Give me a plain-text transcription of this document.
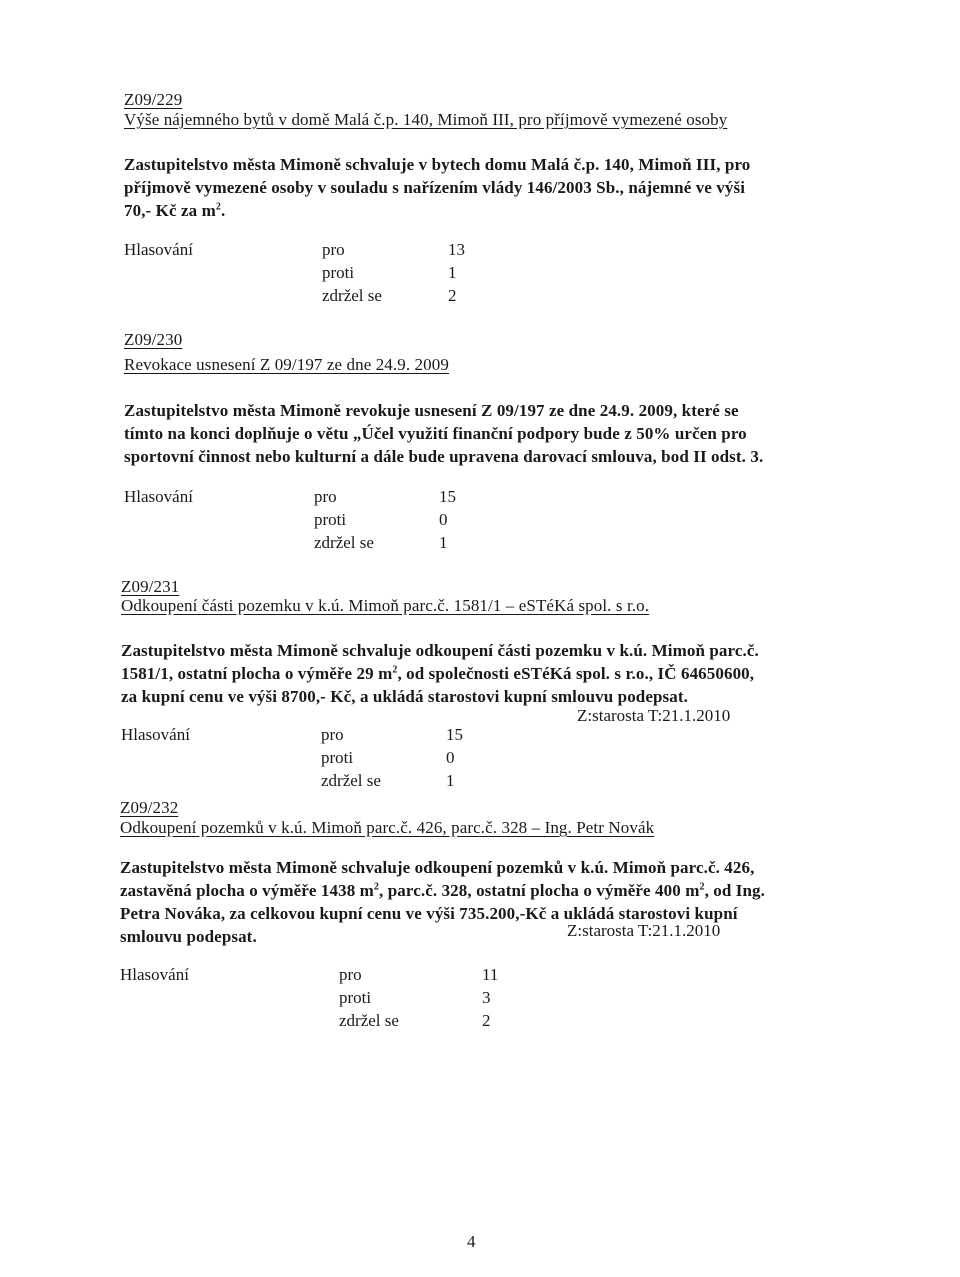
Z09/229
Výše nájemného bytů v domě Malá č.p. 140, Mimoň III, pro příjmově vymezené osoby
Zastupitelstvo města Mimoně schvaluje v bytech domu Malá č.p. 140, Mimoň III, pro
příjmově vymezené osoby v souladu s nařízením vlády 146/2003 Sb., nájemné ve výši
70,- Kč za $m^2$.
Hlasování	pro	13
proti	1
zdržel se	2
Z09/230
Revokace usnesení Z 09/197 ze dne 24.9. 2009
Zastupitelstvo města Mimoně revokuje usnesení Z 09/197 ze dne 24.9. 2009, které se
tímto na konci doplňuje o větu „Účel využití finanční podpory bude z 50% určen pro
sportovní činnost nebo kulturní a dále bude upravena darovací smlouva, bod II odst. 3.
Hlasování	pro	15
proti	0
zdržel se	1
Z09/231
Odkoupení části pozemku v k.ú. Mimoň parc.č. 1581/1 – eSTéKá spol. s r.o.
Zastupitelstvo města Mimoně schvaluje odkoupení části pozemku v k.ú. Mimoň parc.č.
1581/1, ostatní plocha o výměře 29 $m^2$, od společnosti eSTéKá spol. s r.o., IČ 64650600,
za kupní cenu ve výši 8700,- Kč, a ukládá starostovi kupní smlouvu podepsat.
Z:starosta T:21.1.2010
Hlasování	pro	15
proti	0
zdržel se	1
Z09/232
Odkoupení pozemků v k.ú. Mimoň parc.č. 426, parc.č. 328 – Ing. Petr Novák
Zastupitelstvo města Mimoně schvaluje odkoupení pozemků v k.ú. Mimoň parc.č. 426,
zastavěná plocha o výměře 1438 $m^2$, parc.č. 328, ostatní plocha o výměře 400 $m^2$, od Ing.
Petra Nováka, za celkovou kupní cenu ve výši 735.200,-Kč a ukládá starostovi kupní
smlouvu podepsat.	Z:starosta T:21.1.2010
Hlasování	pro	11
proti	3
zdržel se	2
4
